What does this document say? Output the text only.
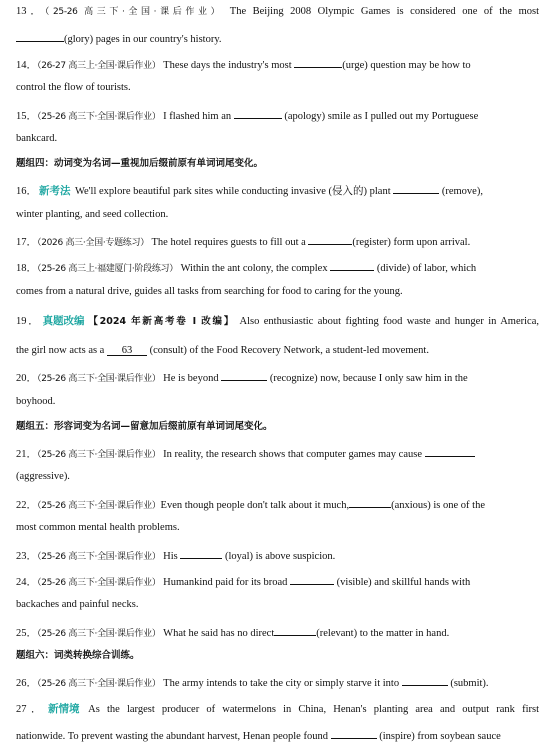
13．（25-26 高三下·全国·课后作业） The Beijing 2008 Olympic Games is considered one of the most
(glory) pages in our country's history.
14．（26-27 高三上·全国·课后作业） These days the industry's most	(urge) question may be how to
control the flow of tourists.
15．（25-26 高三下·全国·课后作业） I flashed him an	(apology) smile as I pulled out my Portuguese
bankcard.
题组四：动词变为名词—重视加后缀前原有单词词尾变化。
16． 新考法 We'll explore beautiful park sites while conducting invasive (侵入的) plant	(remove),
winter planting, and seed collection.
17．（2026 高三·全国·专题练习） The hotel requires guests to fill out a	(register) form upon arrival.
18．（25-26 高三上·福建厦门·阶段练习） Within the ant colony, the complex	(divide) of labor, which
comes from a natural drive, guides all tasks from searching for food to caring for the young.
19． 真题改编 【2024 年新高考卷 I 改编】 Also enthusiastic about fighting food waste and hunger in America,
the girl now acts as a 63 (consult) of the Food Recovery Network, a student-led movement.
20．（25-26 高三下·全国·课后作业） He is beyond	(recognize) now, because I only saw him in the
boyhood.
题组五：形容词变为名词—留意加后缀前原有单词词尾变化。
21．（25-26 高三下·全国·课后作业） In reality, the research shows that computer games may cause
(aggressive).
22．（25-26 高三下·全国·课后作业）Even though people don't talk about it much,	(anxious) is one of the
most common mental health problems.
23．（25-26 高三下·全国·课后作业） His	(loyal) is above suspicion.
24．（25-26 高三下·全国·课后作业） Humankind paid for its broad	(visible) and skillful hands with
backaches and painful necks.
25．（25-26 高三下·全国·课后作业） What he said has no direct	(relevant) to the matter in hand.
题组六：词类转换综合训练。
26．（25-26 高三下·全国·课后作业） The army intends to take the city or simply starve it into	(submit).
27． 新情境 As the largest producer of watermelons in China, Henan's planting area and output rank first
nationwide. To prevent wasting the abundant harvest, Henan people found	(inspire) from soybean sauce
